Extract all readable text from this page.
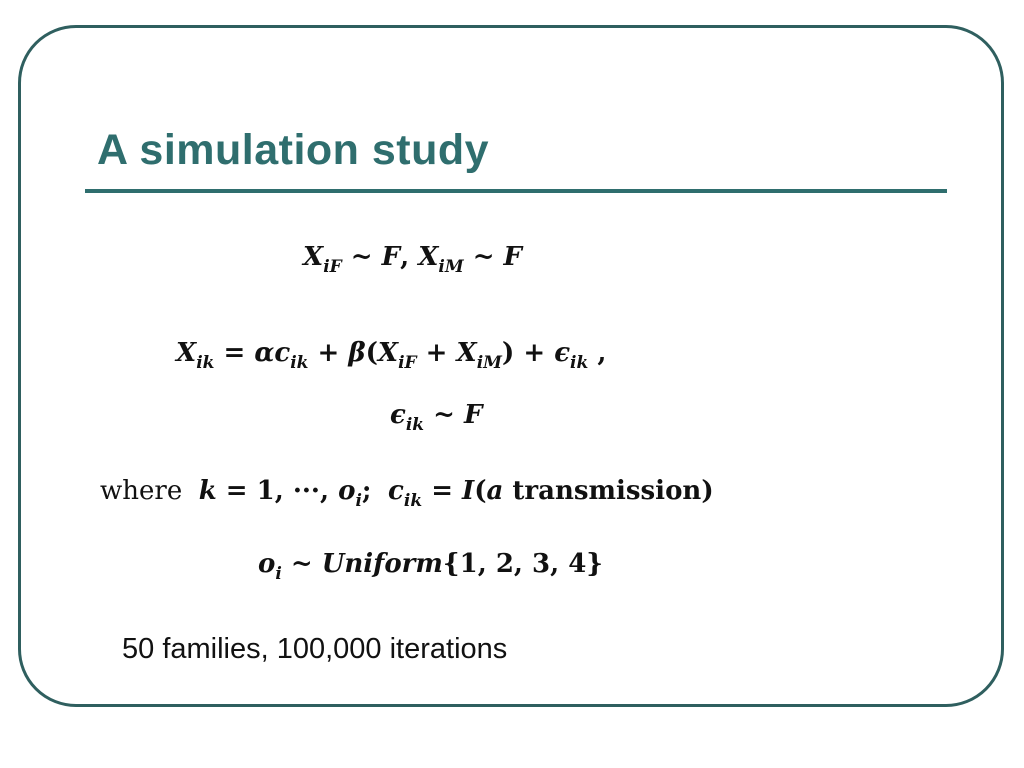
A simulation study
$X_{iF}$ ~ F, $X_{iM}$ ~ F
$X_{ik} = \alpha c_{ik} + \beta(X_{iF} + X_{iM}) + \epsilon_{ik}$ ,
$\epsilon_{ik}$ ~ F
where k = 1, ···, $o_i$; $c_{ik} = I(a$ transmission)
$o_i$ ~ Uniform{1, 2, 3, 4}
50 families, 100,000 iterations
